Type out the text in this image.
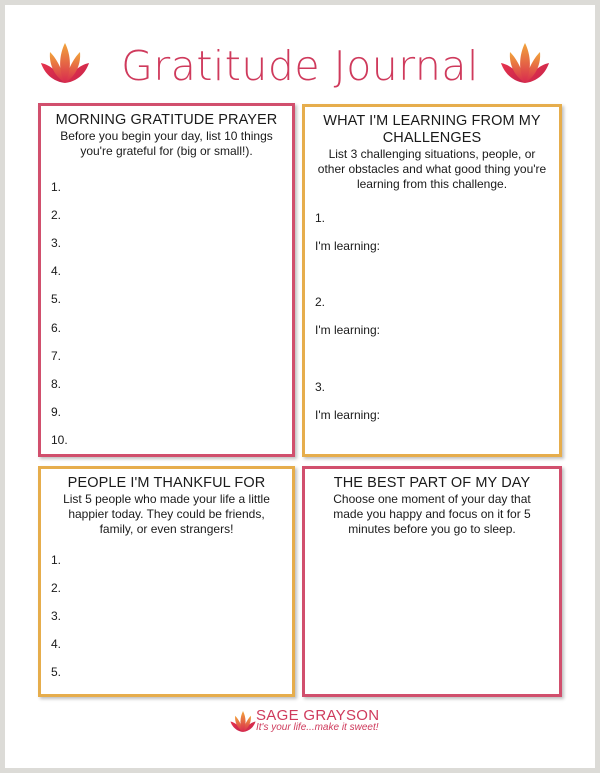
Gratitude Journal
MORNING GRATITUDE PRAYER
Before you begin your day, list 10 things you're grateful for (big or small!).
1.
2.
3.
4.
5.
6.
7.
8.
9.
10.
WHAT I'M LEARNING FROM MY CHALLENGES
List 3 challenging situations, people, or other obstacles and what good thing you're learning from this challenge.
1.
I'm learning:
2.
I'm learning:
3.
I'm learning:
PEOPLE I'M THANKFUL FOR
List 5 people who made your life a little happier today. They could be friends, family, or even strangers!
1.
2.
3.
4.
5.
THE BEST PART OF MY DAY
Choose one moment of your day that made you happy and focus on it for 5 minutes before you go to sleep.
SAGE GRAYSON
It's your life...make it sweet!
